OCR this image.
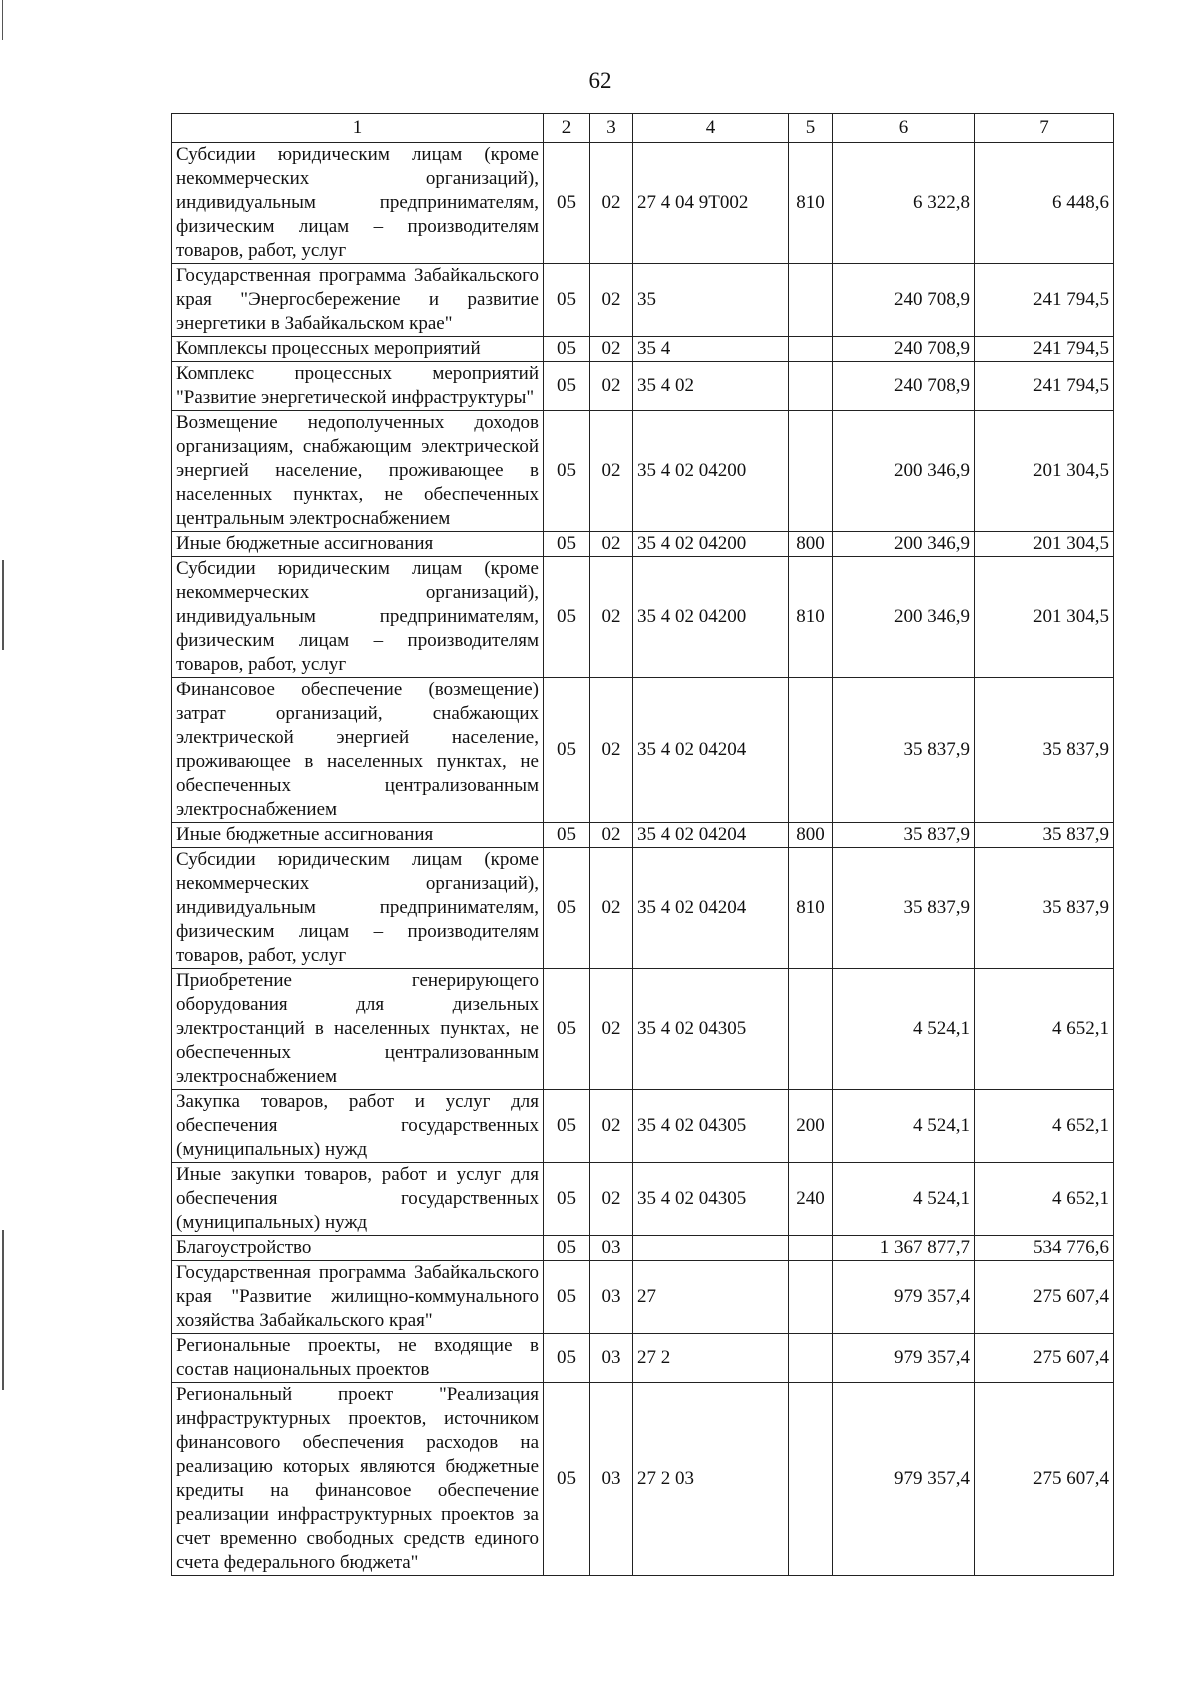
62
1	2	3	4	5	6	7
Субсидии юридическим лицам (кроме некоммерческих организаций), индивидуальным предпринимателям, физическим лицам – производителям товаров, работ, услуг	05	02	27 4 04 9Т002	810	6 322,8	6 448,6
Государственная программа Забайкальского края "Энергосбережение и развитие энергетики в Забайкальском крае"	05	02	35		240 708,9	241 794,5
Комплексы процессных мероприятий	05	02	35 4		240 708,9	241 794,5
Комплекс процессных мероприятий "Развитие энергетической инфраструктуры"	05	02	35 4 02		240 708,9	241 794,5
Возмещение недополученных доходов организациям, снабжающим электрической энергией население, проживающее в населенных пунктах, не обеспеченных центральным электроснабжением	05	02	35 4 02 04200		200 346,9	201 304,5
Иные бюджетные ассигнования	05	02	35 4 02 04200	800	200 346,9	201 304,5
Субсидии юридическим лицам (кроме некоммерческих организаций), индивидуальным предпринимателям, физическим лицам – производителям товаров, работ, услуг	05	02	35 4 02 04200	810	200 346,9	201 304,5
Финансовое обеспечение (возмещение) затрат организаций, снабжающих электрической энергией население, проживающее в населенных пунктах, не обеспеченных централизованным электроснабжением	05	02	35 4 02 04204		35 837,9	35 837,9
Иные бюджетные ассигнования	05	02	35 4 02 04204	800	35 837,9	35 837,9
Субсидии юридическим лицам (кроме некоммерческих организаций), индивидуальным предпринимателям, физическим лицам – производителям товаров, работ, услуг	05	02	35 4 02 04204	810	35 837,9	35 837,9
Приобретение генерирующего оборудования для дизельных электростанций в населенных пунктах, не обеспеченных централизованным электроснабжением	05	02	35 4 02 04305		4 524,1	4 652,1
Закупка товаров, работ и услуг для обеспечения государственных (муниципальных) нужд	05	02	35 4 02 04305	200	4 524,1	4 652,1
Иные закупки товаров, работ и услуг для обеспечения государственных (муниципальных) нужд	05	02	35 4 02 04305	240	4 524,1	4 652,1
Благоустройство	05	03			1 367 877,7	534 776,6
Государственная программа Забайкальского края "Развитие жилищно-коммунального хозяйства Забайкальского края"	05	03	27		979 357,4	275 607,4
Региональные проекты, не входящие в состав национальных проектов	05	03	27 2		979 357,4	275 607,4
Региональный проект "Реализация инфраструктурных проектов, источником финансового обеспечения расходов на реализацию которых являются бюджетные кредиты на финансовое обеспечение реализации инфраструктурных проектов за счет временно свободных средств единого счета федерального бюджета"	05	03	27 2 03		979 357,4	275 607,4
